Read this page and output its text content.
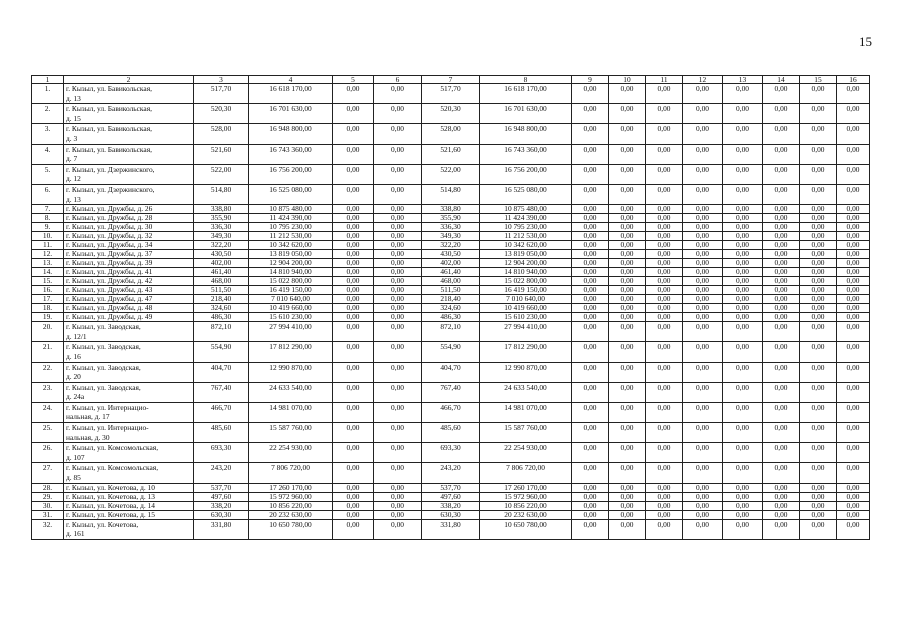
15
1	2	3	4	5	6	7	8	9	10	11	12	13	14	15	16
1.	г. Кызыл, ул. Бавикольская,
д. 13	517,70	16 618 170,00	0,00	0,00	517,70	16 618 170,00	0,00	0,00	0,00	0,00	0,00	0,00	0,00	0,00
2.	г. Кызыл, ул. Бавикольская,
д. 15	520,30	16 701 630,00	0,00	0,00	520,30	16 701 630,00	0,00	0,00	0,00	0,00	0,00	0,00	0,00	0,00
3.	г. Кызыл, ул. Бавикольская,
д. 3	528,00	16 948 800,00	0,00	0,00	528,00	16 948 800,00	0,00	0,00	0,00	0,00	0,00	0,00	0,00	0,00
4.	г. Кызыл, ул. Бавикольская,
д. 7	521,60	16 743 360,00	0,00	0,00	521,60	16 743 360,00	0,00	0,00	0,00	0,00	0,00	0,00	0,00	0,00
5.	г. Кызыл, ул. Дзержинского,
д. 12	522,00	16 756 200,00	0,00	0,00	522,00	16 756 200,00	0,00	0,00	0,00	0,00	0,00	0,00	0,00	0,00
6.	г. Кызыл, ул. Дзержинского,
д. 13	514,80	16 525 080,00	0,00	0,00	514,80	16 525 080,00	0,00	0,00	0,00	0,00	0,00	0,00	0,00	0,00
7.	г. Кызыл, ул. Дружбы, д. 26	338,80	10 875 480,00	0,00	0,00	338,80	10 875 480,00	0,00	0,00	0,00	0,00	0,00	0,00	0,00	0,00
8.	г. Кызыл, ул. Дружбы, д. 28	355,90	11 424 390,00	0,00	0,00	355,90	11 424 390,00	0,00	0,00	0,00	0,00	0,00	0,00	0,00	0,00
9.	г. Кызыл, ул. Дружбы, д. 30	336,30	10 795 230,00	0,00	0,00	336,30	10 795 230,00	0,00	0,00	0,00	0,00	0,00	0,00	0,00	0,00
10.	г. Кызыл, ул. Дружбы, д. 32	349,30	11 212 530,00	0,00	0,00	349,30	11 212 530,00	0,00	0,00	0,00	0,00	0,00	0,00	0,00	0,00
11.	г. Кызыл, ул. Дружбы, д. 34	322,20	10 342 620,00	0,00	0,00	322,20	10 342 620,00	0,00	0,00	0,00	0,00	0,00	0,00	0,00	0,00
12.	г. Кызыл, ул. Дружбы, д. 37	430,50	13 819 050,00	0,00	0,00	430,50	13 819 050,00	0,00	0,00	0,00	0,00	0,00	0,00	0,00	0,00
13.	г. Кызыл, ул. Дружбы, д. 39	402,00	12 904 200,00	0,00	0,00	402,00	12 904 200,00	0,00	0,00	0,00	0,00	0,00	0,00	0,00	0,00
14.	г. Кызыл, ул. Дружбы, д. 41	461,40	14 810 940,00	0,00	0,00	461,40	14 810 940,00	0,00	0,00	0,00	0,00	0,00	0,00	0,00	0,00
15.	г. Кызыл, ул. Дружбы, д. 42	468,00	15 022 800,00	0,00	0,00	468,00	15 022 800,00	0,00	0,00	0,00	0,00	0,00	0,00	0,00	0,00
16.	г. Кызыл, ул. Дружбы, д. 43	511,50	16 419 150,00	0,00	0,00	511,50	16 419 150,00	0,00	0,00	0,00	0,00	0,00	0,00	0,00	0,00
17.	г. Кызыл, ул. Дружбы, д. 47	218,40	7 010 640,00	0,00	0,00	218,40	7 010 640,00	0,00	0,00	0,00	0,00	0,00	0,00	0,00	0,00
18.	г. Кызыл, ул. Дружбы, д. 48	324,60	10 419 660,00	0,00	0,00	324,60	10 419 660,00	0,00	0,00	0,00	0,00	0,00	0,00	0,00	0,00
19.	г. Кызыл, ул. Дружбы, д. 49	486,30	15 610 230,00	0,00	0,00	486,30	15 610 230,00	0,00	0,00	0,00	0,00	0,00	0,00	0,00	0,00
20.	г. Кызыл, ул. Заводская,
д. 12/1	872,10	27 994 410,00	0,00	0,00	872,10	27 994 410,00	0,00	0,00	0,00	0,00	0,00	0,00	0,00	0,00
21.	г. Кызыл, ул. Заводская,
д. 16	554,90	17 812 290,00	0,00	0,00	554,90	17 812 290,00	0,00	0,00	0,00	0,00	0,00	0,00	0,00	0,00
22.	г. Кызыл, ул. Заводская,
д. 20	404,70	12 990 870,00	0,00	0,00	404,70	12 990 870,00	0,00	0,00	0,00	0,00	0,00	0,00	0,00	0,00
23.	г. Кызыл, ул. Заводская,
д. 24а	767,40	24 633 540,00	0,00	0,00	767,40	24 633 540,00	0,00	0,00	0,00	0,00	0,00	0,00	0,00	0,00
24.	г. Кызыл, ул. Интернацио-
нальная, д. 17	466,70	14 981 070,00	0,00	0,00	466,70	14 981 070,00	0,00	0,00	0,00	0,00	0,00	0,00	0,00	0,00
25.	г. Кызыл, ул. Интернацио-
нальная, д. 30	485,60	15 587 760,00	0,00	0,00	485,60	15 587 760,00	0,00	0,00	0,00	0,00	0,00	0,00	0,00	0,00
26.	г. Кызыл, ул. Комсомольская,
д. 107	693,30	22 254 930,00	0,00	0,00	693,30	22 254 930,00	0,00	0,00	0,00	0,00	0,00	0,00	0,00	0,00
27.	г. Кызыл, ул. Комсомольская,
д. 85	243,20	7 806 720,00	0,00	0,00	243,20	7 806 720,00	0,00	0,00	0,00	0,00	0,00	0,00	0,00	0,00
28.	г. Кызыл, ул. Кочетова, д. 10	537,70	17 260 170,00	0,00	0,00	537,70	17 260 170,00	0,00	0,00	0,00	0,00	0,00	0,00	0,00	0,00
29.	г. Кызыл, ул. Кочетова, д. 13	497,60	15 972 960,00	0,00	0,00	497,60	15 972 960,00	0,00	0,00	0,00	0,00	0,00	0,00	0,00	0,00
30.	г. Кызыл, ул. Кочетова, д. 14	338,20	10 856 220,00	0,00	0,00	338,20	10 856 220,00	0,00	0,00	0,00	0,00	0,00	0,00	0,00	0,00
31.	г. Кызыл, ул. Кочетова, д. 15	630,30	20 232 630,00	0,00	0,00	630,30	20 232 630,00	0,00	0,00	0,00	0,00	0,00	0,00	0,00	0,00
32.	г. Кызыл, ул. Кочетова,
д. 161	331,80	10 650 780,00	0,00	0,00	331,80	10 650 780,00	0,00	0,00	0,00	0,00	0,00	0,00	0,00	0,00
